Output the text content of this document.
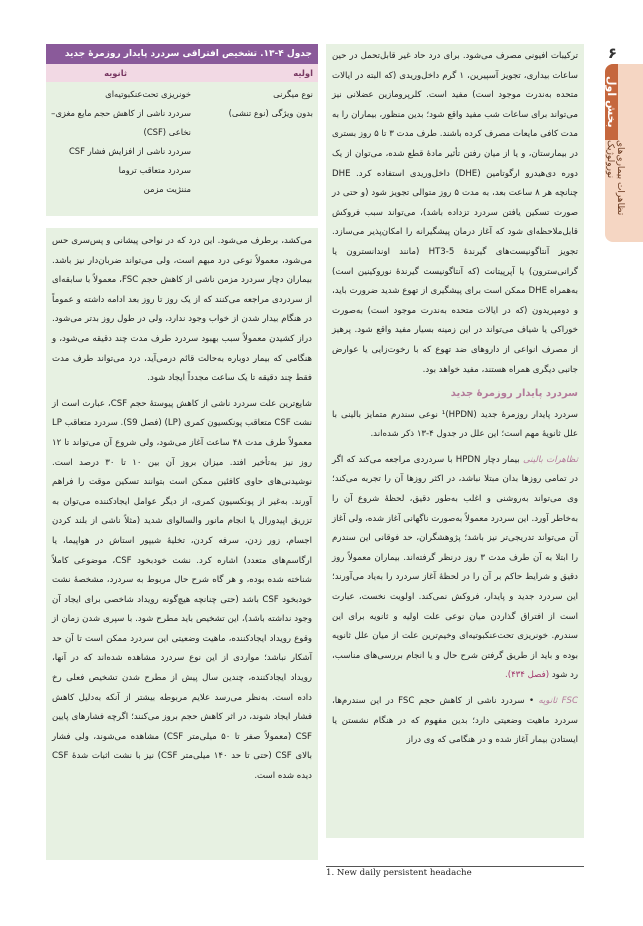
۶
بخش اول
تظاهرات بیماری‌های نورولوژیک

ترکیبات افیونی مصرف می‌شود. برای درد حاد غیر قابل‌تحمل در حین ساعات بیداری، تجویز آسپیرین، ۱ گرم داخل‌وریدی (که البته در ایالات متحده به‌ندرت موجود است) مفید است. کلرپرومازین عضلانی نیز می‌تواند برای ساعات شب مفید واقع شود؛ بدین منظور، بیماران را به مدت کافی مایعات مصرف کرده باشند. طرف مدت ۳ تا ۵ روز بستری در بیمارستان، و یا از میان رفتن تأثیر مادهٔ قطع شده، می‌توان از یک دوره دی‌هیدرو ارگوتامین (DHE) داخل‌وریدی استفاده کرد. DHE چنانچه هر ۸ ساعت بعد، به مدت ۵ روز متوالی تجویز شود (و حتی در صورت تسکین یافتن سردرد تزداده باشد)، می‌تواند سبب فروکش قابل‌ملاحظه‌ای شود که آغاز درمان پیشگیرانه را امکان‌پذیر می‌سازد. تجویز آنتاگونیست‌های گیرندهٔ HT3-5 (مانند اوندانسترون یا گرانی‌سترون) یا آپرپیتانت (که آنتاگونیست گیرندهٔ نوروکینین است) به‌همراه DHE ممکن است برای پیشگیری از تهوع شدید ضرورت باید، و دومپریدون (که در ایالات متحده به‌ندرت موجود است) به‌صورت خوراکی یا شیاف می‌تواند در این زمینه بسیار مفید واقع شود. پرهیز از مصرف انواعی از داروهای ضد تهوع که با رخوت‌زایی یا عوارض جانبی دیگری همراه هستند، مفید خواهد بود.

سردرد پایدار روزمرهٔ جدید

سردرد پایدار روزمرهٔ جدید (HPDN)¹ نوعی سندرم متمایز بالینی با علل ثانویهٔ مهم است؛ این علل در جدول ۴-۱۳ ذکر شده‌اند.

تظاهرات بالینی بیمار دچار HPDN با سردردی مراجعه می‌کند که اگر در تمامی روزها بدان مبتلا نباشد، در اکثر روزها آن را تجربه می‌کند؛ وی می‌تواند به‌روشنی و اغلب به‌طور دقیق، لحظهٔ شروع آن را به‌خاطر آورد. این سردرد معمولاً به‌صورت ناگهانی آغاز شده، ولی آغاز آن می‌تواند تدریجی‌تر نیز باشد؛ پژوهشگران، حد فوقانی این سندرم را ابتلا به آن طرف مدت ۳ روز درنظر گرفته‌اند. بیماران معمولاً روز دقیق و شرایط حاکم بر آن را در لحظهٔ آغاز سردرد را به‌یاد می‌آورند؛ این سردرد جدید و پایدار، فروکش نمی‌کند. اولویت نخست، عبارت است از افتراق گذاردن میان نوعی علت اولیه و ثانویه برای این سندرم. خونریزی تحت‌عنکبوتیه‌ای وخیم‌ترین علت از میان علل ثانویه بوده و باید از طریق گرفتن شرح حال و یا انجام بررسی‌های مناسب، رد شود (فصل ۴۳۴).

FSC ثانویه • سردرد ناشی از کاهش حجم FSC در این سندرم‌ها، سردرد ماهیت وضعیتی دارد؛ بدین مفهوم که در هنگام نشستن یا ایستادن بیمار آغاز شده و در هنگامی که وی دراز

1. New daily persistent headache
جدول ۴-۱۳. تشخیص افتراقی سردرد پایدار روزمرهٔ جدید
اولیه
ثانویه
نوع میگرنی
بدون ویژگی (نوع تنشی)
خونریزی تحت‌عنکبوتیه‌ای
سردرد ناشی از کاهش حجم مایع مغزی–نخاعی (CSF)
سردرد ناشی از افزایش فشار CSF
سردرد متعاقب تروما
مننژیت مزمن

می‌کشد، برطرف می‌شود. این درد که در نواحی پیشانی و پس‌سری حس می‌شود، معمولاً نوعی درد مبهم است، ولی می‌تواند ضربان‌دار نیز باشد. بیماران دچار سردرد مزمن ناشی از کاهش حجم FSC، معمولاً با سابقه‌ای از سردردی مراجعه می‌کنند که از یک روز تا روز بعد ادامه داشته و عموماً در هنگام بیدار شدن از خواب وجود ندارد، ولی در طول روز بدتر می‌شود. دراز کشیدن معمولاً سبب بهبود سردرد طرف مدت چند دقیقه می‌شود، و هنگامی که بیمار دوباره به‌حالت قائم درمی‌آید، درد می‌تواند طرف مدت فقط چند دقیقه تا یک ساعت مجدداً ایجاد شود.

شایع‌ترین علت سردرد ناشی از کاهش پیوستهٔ حجم CSF، عبارت است از نشت CSF متعاقب پونکسیون کمری (LP) (فصل S9). سردرد متعاقب LP معمولاً طرف مدت ۴۸ ساعت آغاز می‌شود، ولی شروع آن می‌تواند تا ۱۲ روز نیز به‌تأخیر افتد. میزان بروز آن بین ۱۰ تا ۳۰ درصد است. نوشیدنی‌های حاوی کافئین ممکن است بتوانند تسکین موقت را فراهم آورند. به‌غیر از پونکسیون کمری، از دیگر عوامل ایجادکننده می‌توان به تزریق اپیدورال یا انجام مانور والسالوای شدید (مثلاً ناشی از بلند کردن اجسام، زور زدن، سرفه کردن، تخلیهٔ شیپور استاش در هواپیما، یا ارگاسم‌های متعدد) اشاره کرد. نشت خودبخود CSF، موضوعی کاملاً شناخته شده بوده، و هر گاه شرح حال مربوط به سردرد، مشخصهٔ نشت خودبخود CSF باشد (حتی چنانچه هیچ‌گونه رویداد شاخصی برای ایجاد آن وجود نداشته باشد)، این تشخیص باید مطرح شود. با سپری شدن زمان از وقوع رویداد ایجادکننده، ماهیت وضعیتی این سردرد ممکن است تا آن حد آشکار نباشد؛ مواردی از این نوع سردرد مشاهده شده‌اند که در آنها، رویداد ایجادکننده، چندین سال پیش از مطرح شدن تشخیص فعلی رخ داده است. به‌نظر می‌رسد علایم مربوطه بیشتر از آنکه به‌دلیل کاهش فشار ایجاد شوند، در اثر کاهش حجم بروز می‌کنند؛ اگرچه فشارهای پایین CSF (معمولاً صفر تا ۵۰ میلی‌متر CSF) مشاهده می‌شوند، ولی فشار بالای CSF (حتی تا حد ۱۴۰ میلی‌متر CSF) نیز با نشت اثبات شدهٔ CSF دیده شده است.
